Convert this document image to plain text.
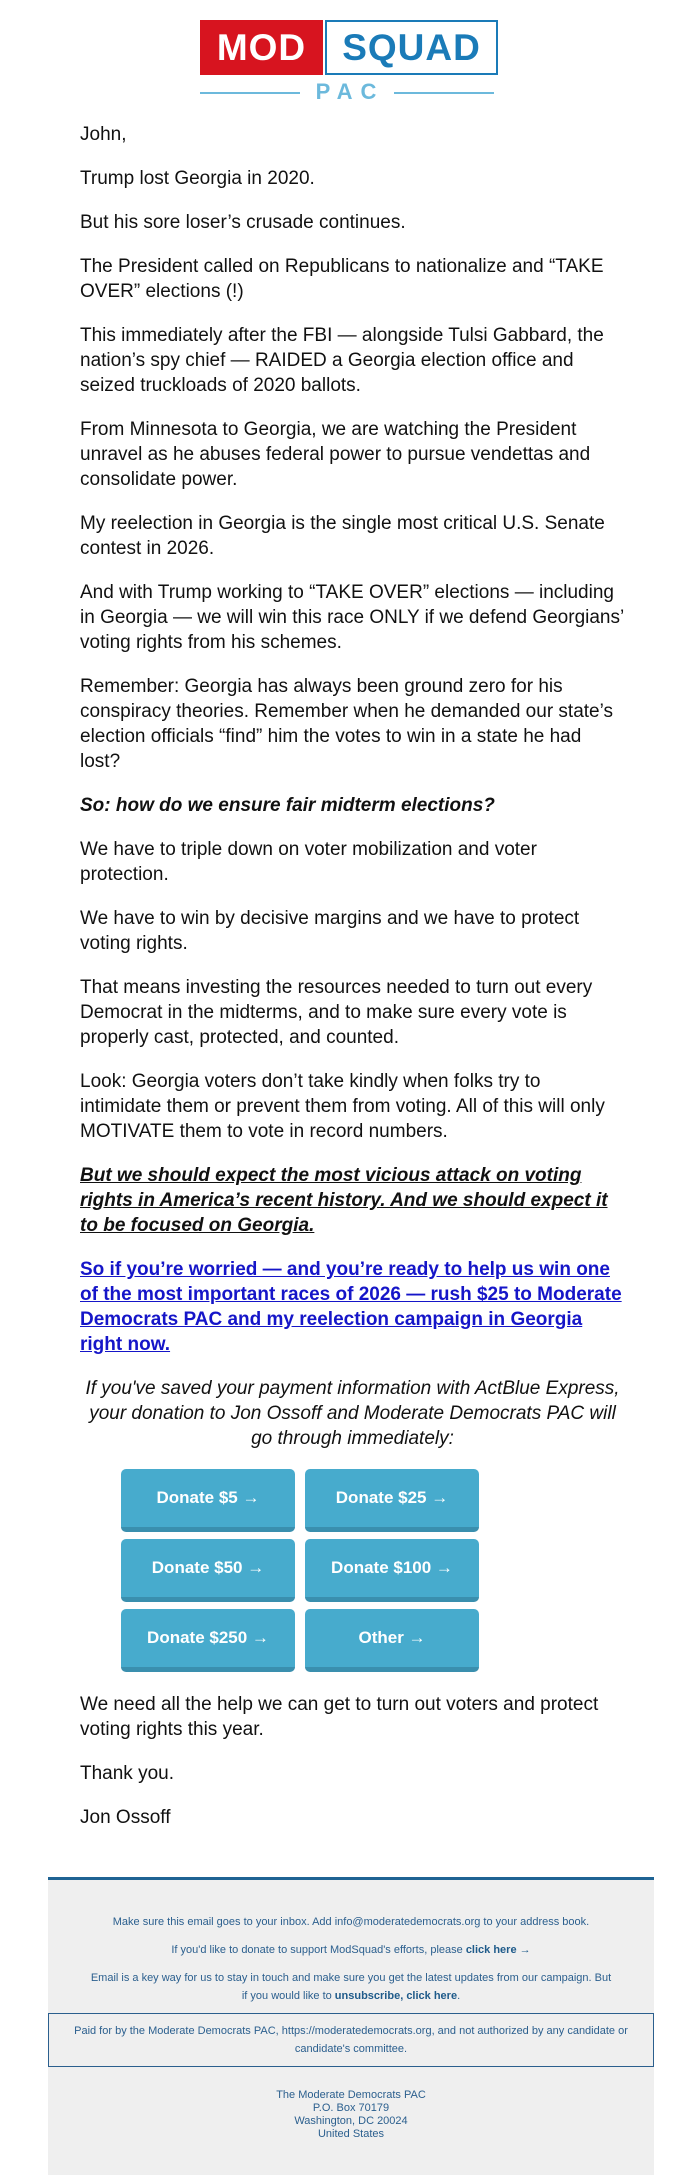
MOD SQUAD
PAC

John,

Trump lost Georgia in 2020.

But his sore loser’s crusade continues.

The President called on Republicans to nationalize and “TAKE OVER” elections (!)

This immediately after the FBI — alongside Tulsi Gabbard, the nation’s spy chief — RAIDED a Georgia election office and seized truckloads of 2020 ballots.

From Minnesota to Georgia, we are watching the President unravel as he abuses federal power to pursue vendettas and consolidate power.

My reelection in Georgia is the single most critical U.S. Senate contest in 2026.

And with Trump working to “TAKE OVER” elections — including in Georgia — we will win this race ONLY if we defend Georgians’ voting rights from his schemes.

Remember: Georgia has always been ground zero for his conspiracy theories. Remember when he demanded our state’s election officials “find” him the votes to win in a state he had lost?

So: how do we ensure fair midterm elections?

We have to triple down on voter mobilization and voter protection.

We have to win by decisive margins and we have to protect voting rights.

That means investing the resources needed to turn out every Democrat in the midterms, and to make sure every vote is properly cast, protected, and counted.

Look: Georgia voters don’t take kindly when folks try to intimidate them or prevent them from voting. All of this will only MOTIVATE them to vote in record numbers.

But we should expect the most vicious attack on voting rights in America’s recent history. And we should expect it to be focused on Georgia.

So if you’re worried — and you’re ready to help us win one of the most important races of 2026 — rush $25 to Moderate Democrats PAC and my reelection campaign in Georgia right now.

If you've saved your payment information with ActBlue Express, your donation to Jon Ossoff and Moderate Democrats PAC will go through immediately:

Donate $5 →	Donate $25 →
Donate $50 →	Donate $100 →
Donate $250 →	Other →

We need all the help we can get to turn out voters and protect voting rights this year.

Thank you.

Jon Ossoff

Make sure this email goes to your inbox. Add info@moderatedemocrats.org to your address book.

If you'd like to donate to support ModSquad's efforts, please click here →

Email is a key way for us to stay in touch and make sure you get the latest updates from our campaign. But if you would like to unsubscribe, click here.

Paid for by the Moderate Democrats PAC, https://moderatedemocrats.org, and not authorized by any candidate or candidate's committee.

The Moderate Democrats PAC
P.O. Box 70179
Washington, DC 20024
United States
